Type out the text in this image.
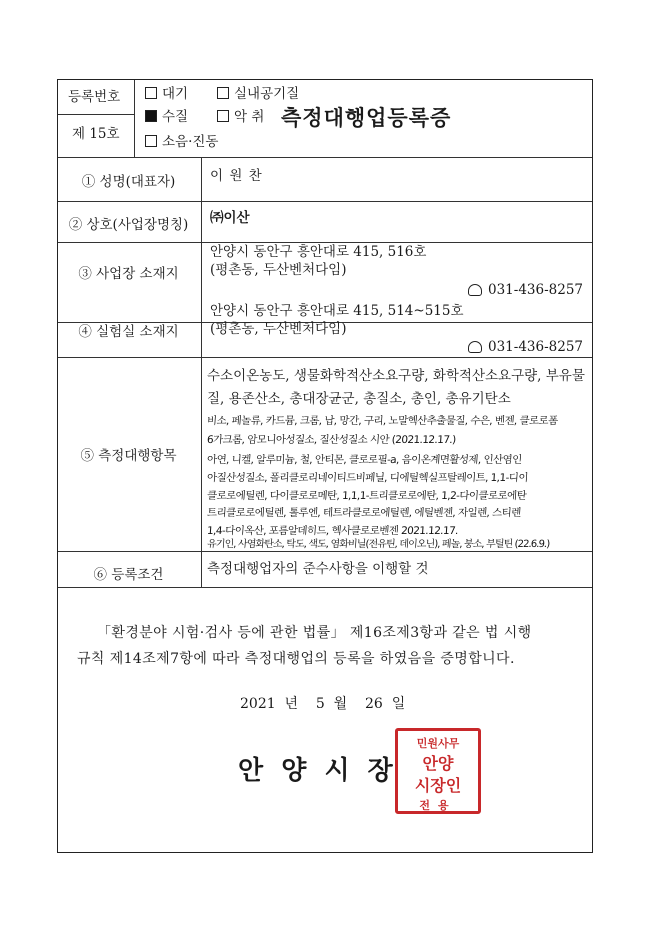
등록번호
제 15호
대기	실내공기질
수질	악 취
소음·진동
측정대행업등록증
① 성명(대표자)	이 원 찬
② 상호(사업장명칭)	㈜이산
③ 사업장 소재지
안양시 동안구 흥안대로 415, 516호
(평촌동, 두산벤처다임)
031-436-8257
④ 실험실 소재지
안양시 동안구 흥안대로 415, 514~515호
(평촌동, 두산벤처다임)
031-436-8257
⑤ 측정대행항목
수소이온농도, 생물화학적산소요구량, 화학적산소요구량, 부유물
질, 용존산소, 총대장균군, 총질소, 총인, 총유기탄소
비소, 페놀류, 카드뮴, 크롬, 납, 망간, 구리, 노말헥산추출물질, 수은, 벤젠, 클로로폼
6가크롬, 암모니아성질소, 질산성질소 시안 (2021.12.17.)
아연, 니켈, 알루미늄, 철, 안티몬, 클로로필-a, 음이온계면활성제, 인산염인
아질산성질소, 폴리클로리네이티드비페닐, 디에틸헥실프탈레이트, 1,1-디이
클로로에틸렌, 다이클로로메탄, 1,1,1-트리클로로에탄, 1,2-다이클로로에탄
트리클로로에틸렌, 톨루엔, 테트라클로로에틸렌, 에틸벤젠, 자일렌, 스티렌
1,4-다이옥산, 포름알데히드, 헥사클로로벤젠 2021.12.17.
유기인, 사염화탄소, 탁도, 색도, 염화비닐(전유틴, 데이오닌), 페놀, 붕소, 부틸틴 (22.6.9.)
⑥ 등록조건	측정대행업자의 준수사항을 이행할 것
「환경분야 시험·검사 등에 관한 법률」 제16조제3항과 같은 법 시행
규칙 제14조제7항에 따라 측정대행업의 등록을 하였음을 증명합니다.
2021  년    5  월    26  일
안  양  시  장
민원사무
안양
시장인
전용
